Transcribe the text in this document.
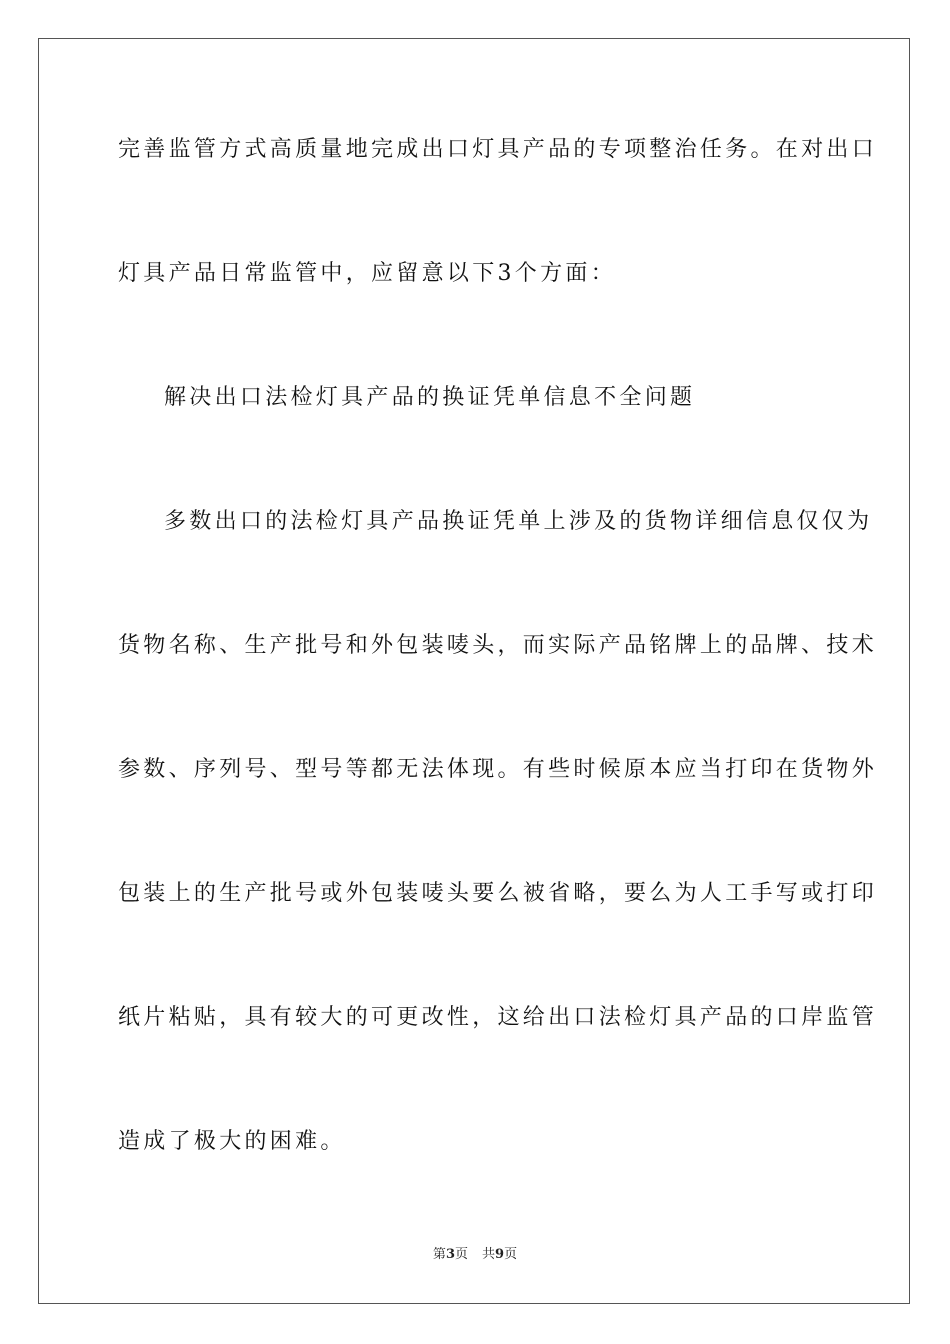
完善监管方式高质量地完成出口灯具产品的专项整治任务。在对出口
灯具产品日常监管中，应留意以下3个方面：
解决出口法检灯具产品的换证凭单信息不全问题
多数出口的法检灯具产品换证凭单上涉及的货物详细信息仅仅为
货物名称、生产批号和外包装唛头，而实际产品铭牌上的品牌、技术
参数、序列号、型号等都无法体现。有些时候原本应当打印在货物外
包装上的生产批号或外包装唛头要么被省略，要么为人工手写或打印
纸片粘贴，具有较大的可更改性，这给出口法检灯具产品的口岸监管
造成了极大的困难。
第3页 共9页
